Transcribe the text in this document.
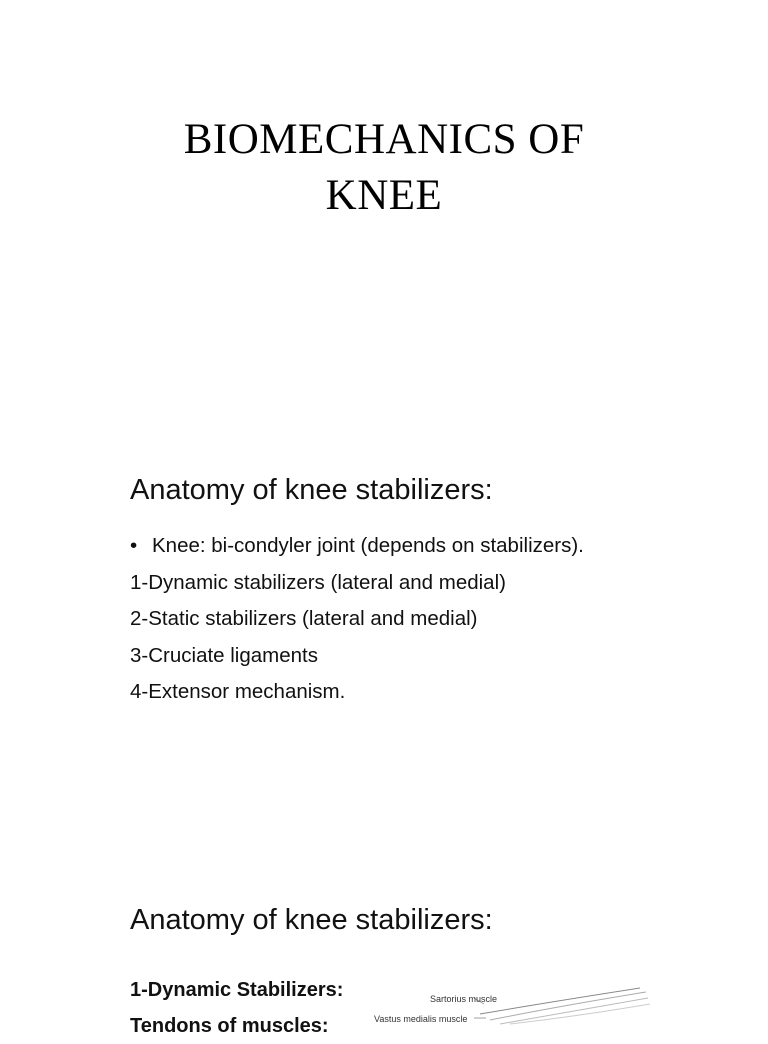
BIOMECHANICS OF
KNEE
Anatomy of knee stabilizers:
• Knee: bi-condyler joint (depends on stabilizers).
1-Dynamic stabilizers (lateral and medial)
2-Static stabilizers (lateral and medial)
3-Cruciate ligaments
4-Extensor mechanism.
Anatomy of knee stabilizers:
1-Dynamic Stabilizers:
Tendons of muscles:
Sartorius muscle
Vastus medialis muscle
